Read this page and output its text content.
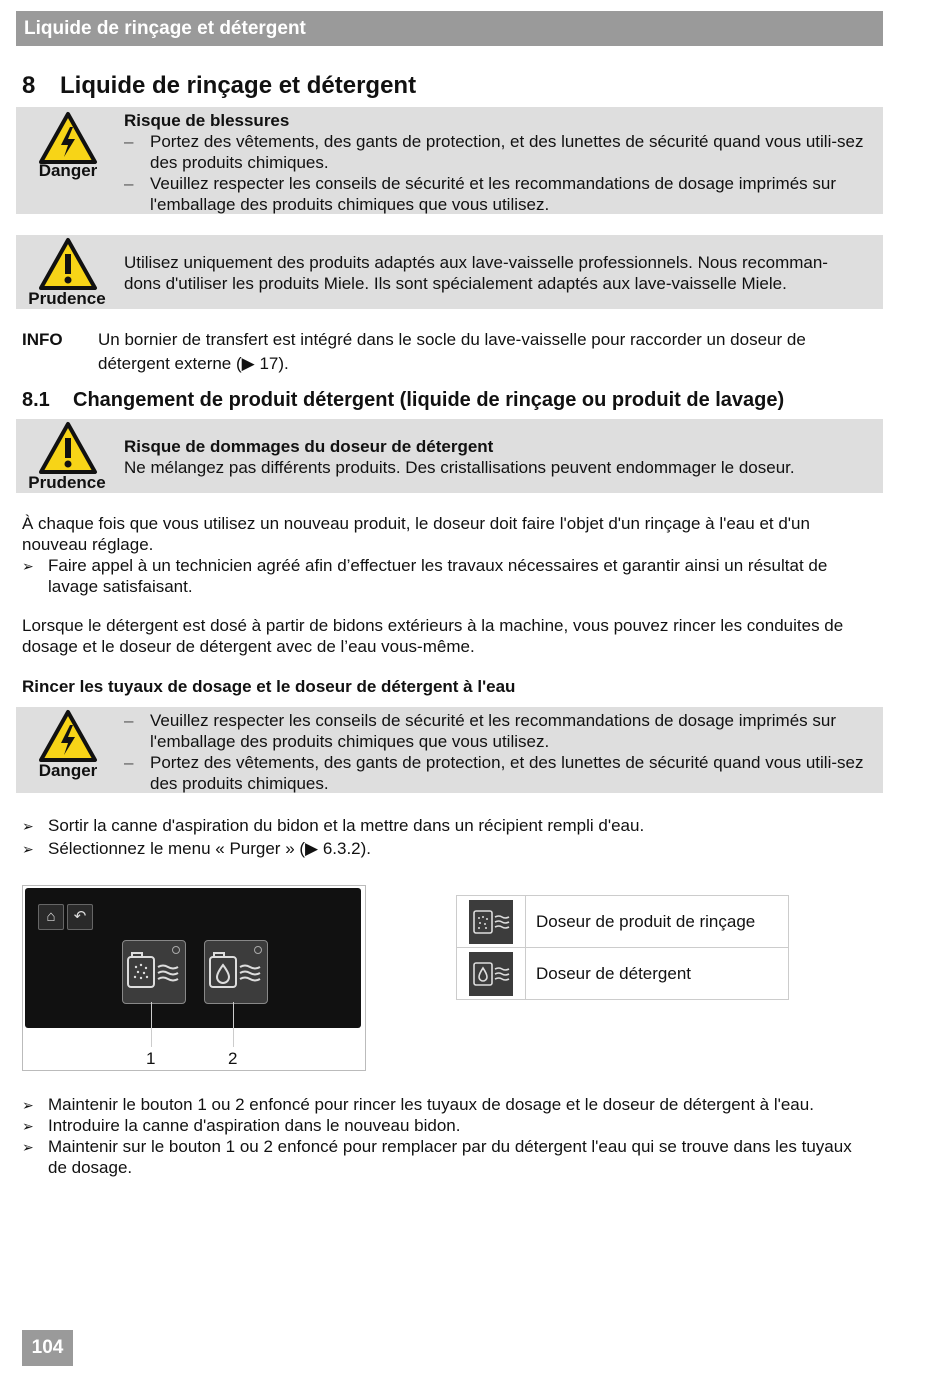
Liquide de rinçage et détergent
8 Liquide de rinçage et détergent
Danger
Risque de blessures
– Portez des vêtements, des gants de protection, et des lunettes de sécurité quand vous utili-sez des produits chimiques.
– Veuillez respecter les conseils de sécurité et les recommandations de dosage imprimés sur l'emballage des produits chimiques que vous utilisez.
Prudence
Utilisez uniquement des produits adaptés aux lave-vaisselle professionnels. Nous recomman-dons d'utiliser les produits Miele. Ils sont spécialement adaptés aux lave-vaisselle Miele.
INFO Un bornier de transfert est intégré dans le socle du lave-vaisselle pour raccorder un doseur de détergent externe (▶ 17).
8.1 Changement de produit détergent (liquide de rinçage ou produit de lavage)
Prudence
Risque de dommages du doseur de détergent
Ne mélangez pas différents produits. Des cristallisations peuvent endommager le doseur.
À chaque fois que vous utilisez un nouveau produit, le doseur doit faire l'objet d'un rinçage à l'eau et d'un nouveau réglage.
➢ Faire appel à un technicien agréé afin d’effectuer les travaux nécessaires et garantir ainsi un résultat de lavage satisfaisant.
Lorsque le détergent est dosé à partir de bidons extérieurs à la machine, vous pouvez rincer les conduites de dosage et le doseur de détergent avec de l’eau vous-même.
Rincer les tuyaux de dosage et le doseur de détergent à l'eau
Danger
– Veuillez respecter les conseils de sécurité et les recommandations de dosage imprimés sur l'emballage des produits chimiques que vous utilisez.
– Portez des vêtements, des gants de protection, et des lunettes de sécurité quand vous utili-sez des produits chimiques.
➢ Sortir la canne d'aspiration du bidon et la mettre dans un récipient rempli d'eau.
➢ Sélectionnez le menu « Purger » (▶ 6.3.2).
⌂	↶
1	2
	Doseur de produit de rinçage
	Doseur de détergent
➢ Maintenir le bouton 1 ou 2 enfoncé pour rincer les tuyaux de dosage et le doseur de détergent à l'eau.
➢ Introduire la canne d'aspiration dans le nouveau bidon.
➢ Maintenir sur le bouton 1 ou 2 enfoncé pour remplacer par du détergent l'eau qui se trouve dans les tuyaux de dosage.
104
